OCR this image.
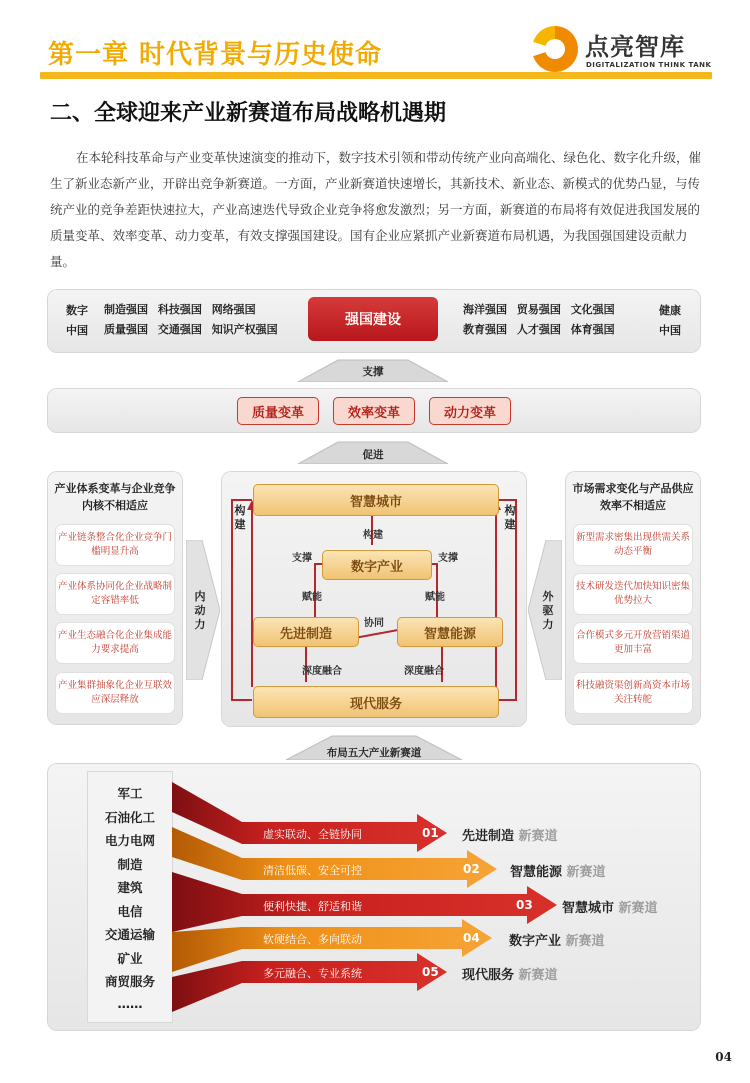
第一章 时代背景与历史使命	点亮智库
DIGITALIZATION THINK TANK
二、全球迎来产业新赛道布局战略机遇期
在本轮科技革命与产业变革快速演变的推动下，数字技术引领和带动传统产业向高端化、绿色化、数字化升级，催生了新业态新产业，开辟出竞争新赛道。一方面，产业新赛道快速增长，其新技术、新业态、新模式的优势凸显，与传统产业的竞争差距快速拉大，产业高速迭代导致企业竞争将愈发激烈；另一方面，新赛道的布局将有效促进我国发展的质量变革、效率变革、动力变革，有效支撑强国建设。国有企业应紧抓产业新赛道布局机遇，为我国强国建设贡献力量。
数字
中国
制造强国 科技强国 网络强国
质量强国 交通强国 知识产权强国
强国建设
海洋强国 贸易强国 文化强国
教育强国 人才强国 体育强国
健康
中国
支撑
质量变革	效率变革	动力变革
促进
产业体系变革与企业竞争内核不相适应
产业链条整合化企业竞争门槛明显升高
产业体系协同化企业战略制定容错率低
产业生态融合化企业集成能力要求提高
产业集群抽象化企业互联效应深层释放
内
动
力
市场需求变化与产品供应效率不相适应
新型需求密集出现供需关系动态平衡
技术研发迭代加快知识密集优势拉大
合作模式多元开放营销渠道更加丰富
科技融资渠创新高资本市场关注转舵
外
驱
力
智慧城市
构建
构
建
构
建
支撑	支撑
数字产业
赋能	赋能
先进制造	智慧能源
协同
深度融合	深度融合
现代服务
布局五大产业新赛道
军工
石油化工
电力电网
制造
建筑
电信
交通运输
矿业
商贸服务
……
虚实联动、全链协同	01 先进制造 新赛道
清洁低碳、安全可控	02 智慧能源 新赛道
便利快捷、舒适和谐	03 智慧城市 新赛道
软硬结合、多向联动	04 数字产业 新赛道
多元融合、专业系统	05 现代服务 新赛道
04
